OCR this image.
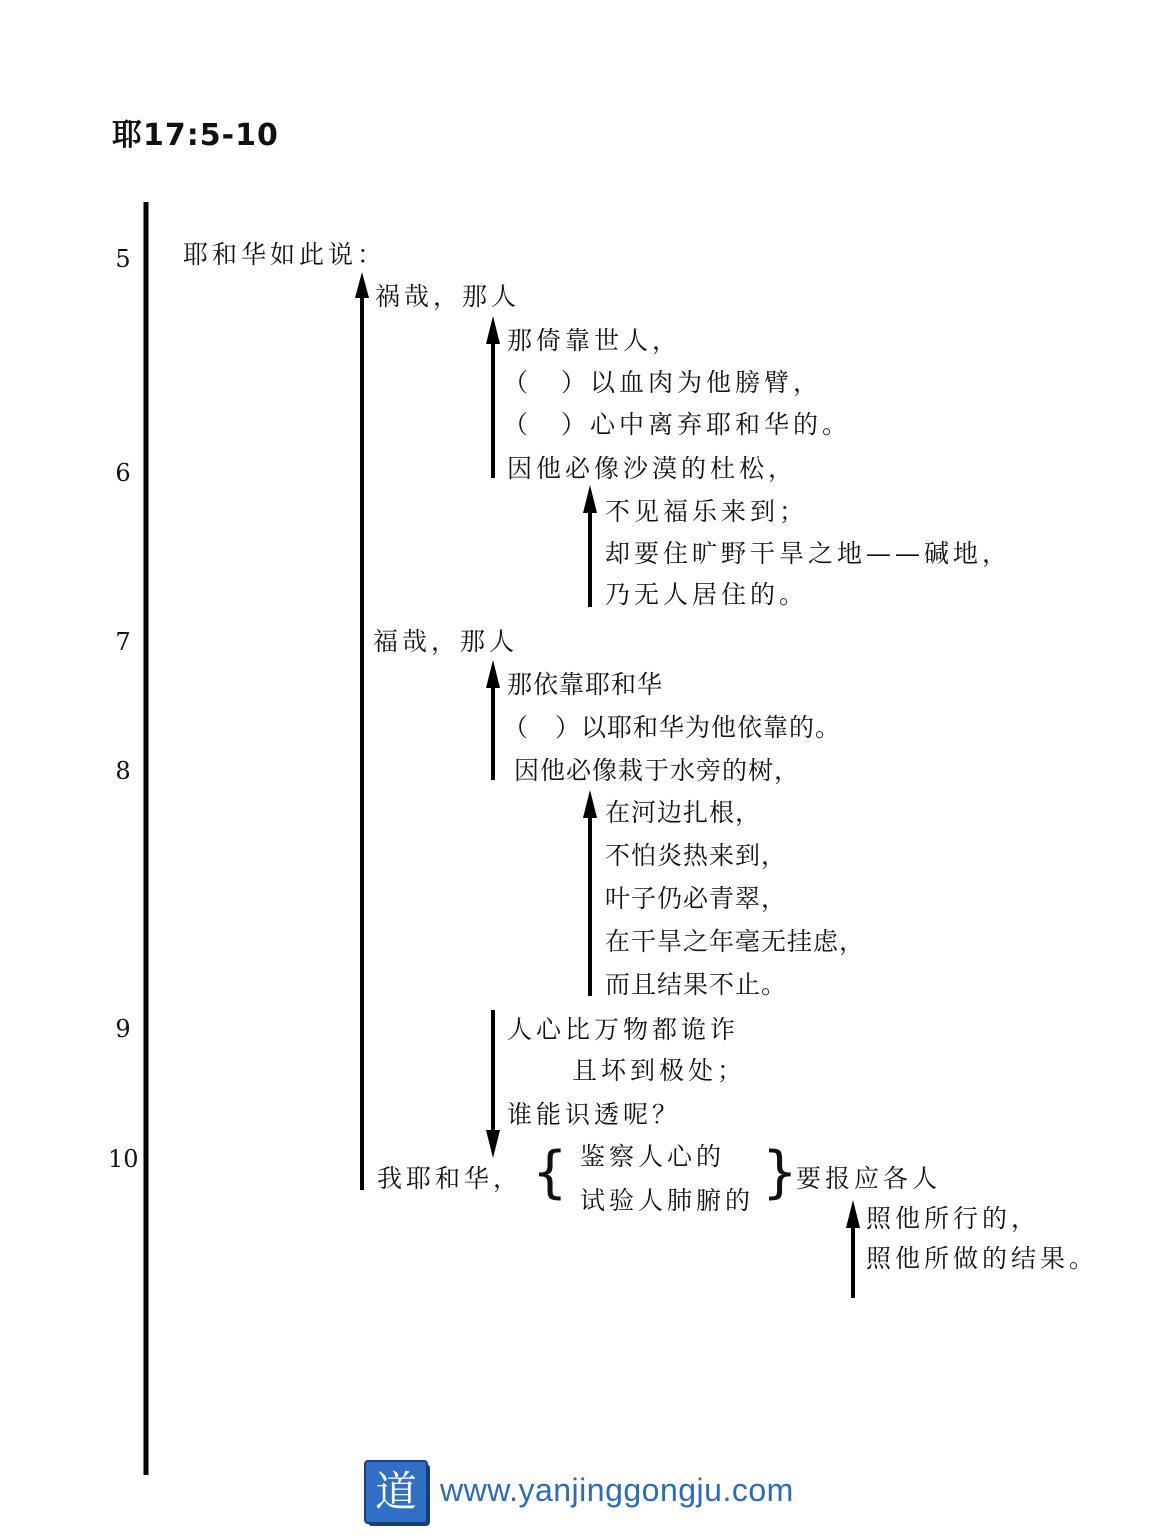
耶17:5-10
5
6
7
8
9
10
耶和华如此说：
祸哉，那人
那倚靠世人，
（　）以血肉为他膀臂，
（　）心中离弃耶和华的。
因他必像沙漠的杜松，
不见福乐来到；
却要住旷野干旱之地——碱地，
乃无人居住的。
福哉，那人
那依靠耶和华
（　）以耶和华为他依靠的。
因他必像栽于水旁的树，
在河边扎根，
不怕炎热来到，
叶子仍必青翠，
在干旱之年毫无挂虑，
而且结果不止。
人心比万物都诡诈
且坏到极处；
谁能识透呢？
我耶和华， { 鉴察人心的
试验人肺腑的 }
要报应各人
照他所行的，
照他所做的结果。
道 www.yanjinggongju.com
